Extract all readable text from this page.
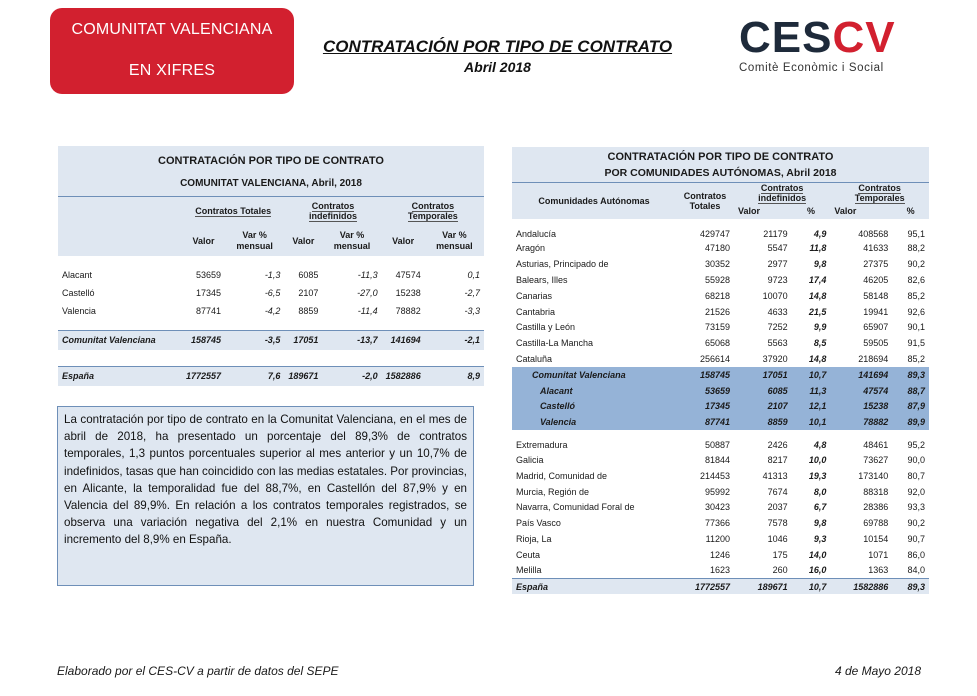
COMUNITAT VALENCIANA
EN XIFRES
CONTRATACIÓN POR TIPO DE CONTRATO
Abril 2018
CESCV
Comitè Econòmic i Social
CONTRATACIÓN POR TIPO DE CONTRATO						
COMUNITAT VALENCIANA, Abril, 2018						
	Contratos Totales		Contratos indefinidos		Contratos Temporales	
	Valor	Var % mensual	Valor	Var % mensual	Valor	Var % mensual

Alacant	53659	-1,3	6085	-11,3	47574	0,1
Castelló	17345	-6,5	2107	-27,0	15238	-2,7
Valencia	87741	-4,2	8859	-11,4	78882	-3,3

Comunitat Valenciana	158745	-3,5	17051	-13,7	141694	-2,1

España	1772557	7,6	189671	-2,0	1582886	8,9
La contratación por tipo de contrato en la Comunitat Valenciana, en el mes de abril de 2018, ha presentado un porcentaje del 89,3% de contratos temporales, 1,3 puntos porcentuales superior al mes anterior y un 10,7% de indefinidos, tasas que han coincidido con las medias estatales. Por provincias, en Alicante, la temporalidad fue del 88,7%, en Castellón del 87,9% y en Valencia del 89,9%. En relación a los contratos temporales registrados, se observa una variación negativa del 2,1% en nuestra Comunidad y un incremento del 8,9% en España.
CONTRATACIÓN POR TIPO DE CONTRATO					
POR COMUNIDADES AUTÓNOMAS, Abril 2018					
Comunidades Autónomas	Contratos Totales	Contratos indefinidos		Contratos Temporales	
		Valor	%	Valor	%
Andalucía	429747	21179	4,9	408568	95,1
Aragón	47180	5547	11,8	41633	88,2
Asturias, Principado de	30352	2977	9,8	27375	90,2
Balears, Illes	55928	9723	17,4	46205	82,6
Canarias	68218	10070	14,8	58148	85,2
Cantabria	21526	4633	21,5	19941	92,6
Castilla y León	73159	7252	9,9	65907	90,1
Castilla-La Mancha	65068	5563	8,5	59505	91,5
Cataluña	256614	37920	14,8	218694	85,2
Comunitat Valenciana	158745	17051	10,7	141694	89,3
Alacant	53659	6085	11,3	47574	88,7
Castelló	17345	2107	12,1	15238	87,9
Valencia	87741	8859	10,1	78882	89,9
Extremadura	50887	2426	4,8	48461	95,2
Galicia	81844	8217	10,0	73627	90,0
Madrid, Comunidad de	214453	41313	19,3	173140	80,7
Murcia, Región de	95992	7674	8,0	88318	92,0
Navarra, Comunidad Foral de	30423	2037	6,7	28386	93,3
País Vasco	77366	7578	9,8	69788	90,2
Rioja, La	11200	1046	9,3	10154	90,7
Ceuta	1246	175	14,0	1071	86,0
Melilla	1623	260	16,0	1363	84,0
España	1772557	189671	10,7	1582886	89,3
Elaborado por el CES-CV a partir de datos del SEPE	4 de Mayo 2018
